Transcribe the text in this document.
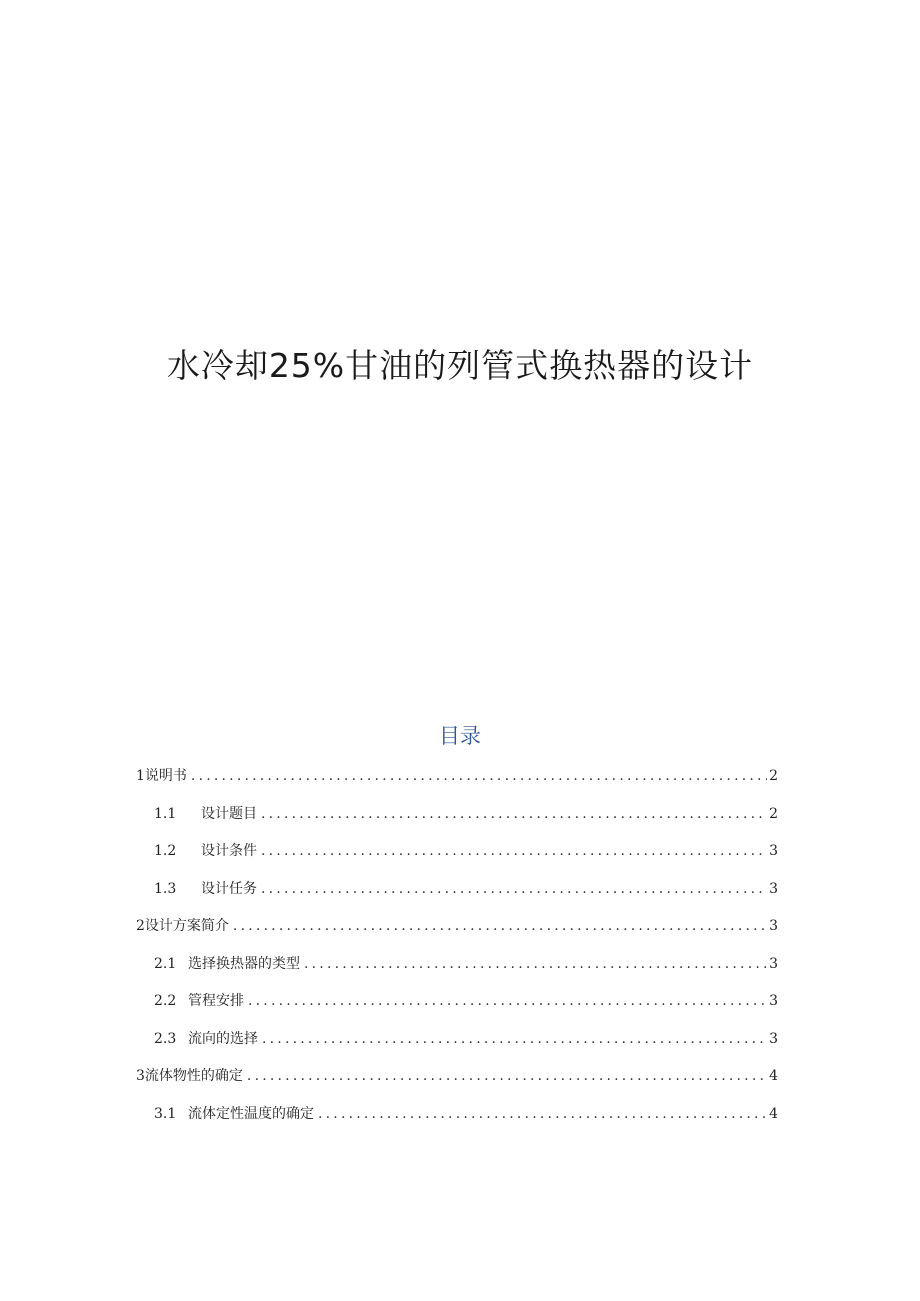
水冷却25%甘油的列管式换热器的设计
目录
1 说明书 .....	2
1.1	设计题目 .....	2
1.2	设计条件 .....	3
1.3	设计任务 .....	3
2 设计方案简介 .....	3
2.1 选择换热器的类型 .....	3
2.2 管程安排 .....	3
2.3 流向的选择 .....	3
3 流体物性的确定 .....	4
3.1 流体定性温度的确定 .....	4
